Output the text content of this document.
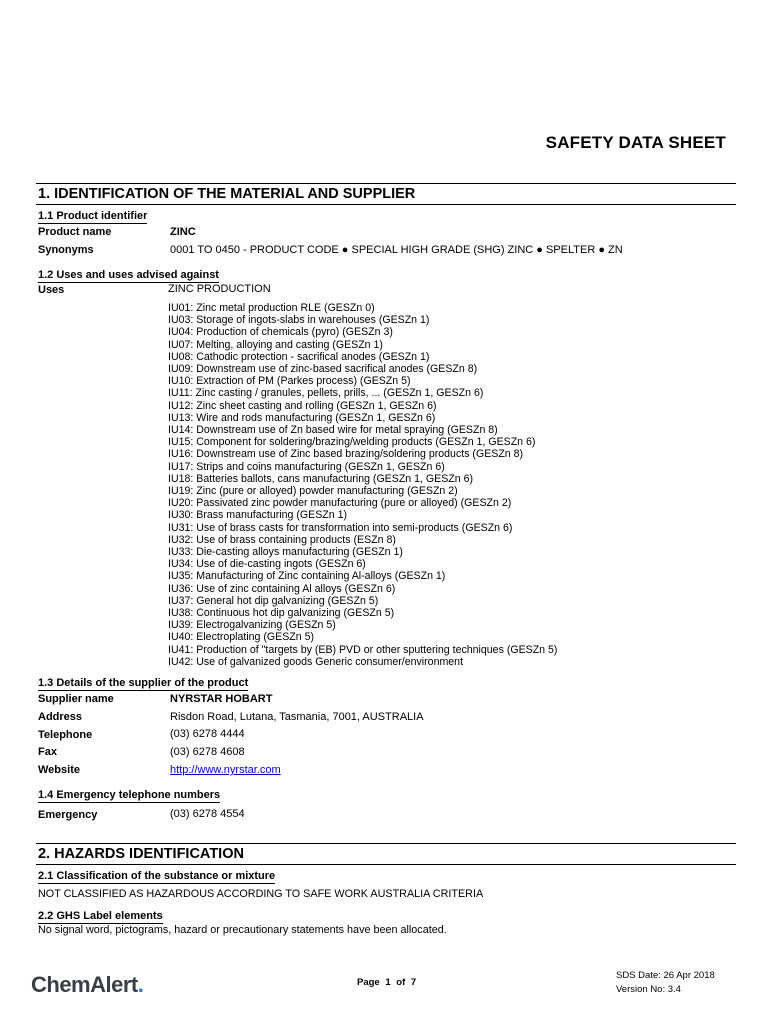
SAFETY DATA SHEET
1. IDENTIFICATION OF THE MATERIAL AND SUPPLIER
1.1 Product identifier
Product name	ZINC
Synonyms	0001 TO 0450 - PRODUCT CODE ● SPECIAL HIGH GRADE (SHG) ZINC ● SPELTER ● ZN
1.2 Uses and uses advised against
Uses	ZINC PRODUCTION
IU01: Zinc metal production RLE (GESZn 0)
IU03: Storage of ingots-slabs in warehouses (GESZn 1)
IU04: Production of chemicals (pyro) (GESZn 3)
IU07: Melting, alloying and casting (GESZn 1)
IU08: Cathodic protection - sacrifical anodes (GESZn 1)
IU09: Downstream use of zinc-based sacrifical anodes (GESZn 8)
IU10: Extraction of PM (Parkes process) (GESZn 5)
IU11: Zinc casting / granules, pellets, prills, ... (GESZn 1, GESZn 6)
IU12: Zinc sheet casting and rolling (GESZn 1, GESZn 6)
IU13: Wire and rods manufacturing (GESZn 1, GESZn 6)
IU14: Downstream use of Zn based wire for metal spraying (GESZn 8)
IU15: Component for soldering/brazing/welding products (GESZn 1, GESZn 6)
IU16: Downstream use of Zinc based brazing/soldering products (GESZn 8)
IU17: Strips and coins manufacturing (GESZn 1, GESZn 6)
IU18: Batteries ballots, cans manufacturing (GESZn 1, GESZn 6)
IU19: Zinc (pure or alloyed) powder manufacturing (GESZn 2)
IU20: Passivated zinc powder manufacturing (pure or alloyed) (GESZn 2)
IU30: Brass manufacturing (GESZn 1)
IU31: Use of brass casts for transformation into semi-products (GESZn 6)
IU32: Use of brass containing products (ESZn 8)
IU33: Die-casting alloys manufacturing (GESZn 1)
IU34: Use of die-casting ingots (GESZn 6)
IU35: Manufacturing of Zinc containing Al-alloys (GESZn 1)
IU36: Use of zinc containing Al alloys (GESZn 6)
IU37: General hot dip galvanizing (GESZn 5)
IU38: Continuous hot dip galvanizing (GESZn 5)
IU39: Electrogalvanizing (GESZn 5)
IU40: Electroplating (GESZn 5)
IU41: Production of "targets by (EB) PVD or other sputtering techniques (GESZn 5)
IU42: Use of galvanized goods Generic consumer/environment
1.3 Details of the supplier of the product
Supplier name	NYRSTAR HOBART
Address	Risdon Road, Lutana, Tasmania, 7001, AUSTRALIA
Telephone	(03) 6278 4444
Fax	(03) 6278 4608
Website	http://www.nyrstar.com
1.4 Emergency telephone numbers
Emergency	(03) 6278 4554
2. HAZARDS IDENTIFICATION
2.1 Classification of the substance or mixture
NOT CLASSIFIED AS HAZARDOUS ACCORDING TO SAFE WORK AUSTRALIA CRITERIA
2.2 GHS Label elements
No signal word, pictograms, hazard or precautionary statements have been allocated.
ChemAlert.	Page 1 of 7
SDS Date: 26 Apr 2018
Version No: 3.4
